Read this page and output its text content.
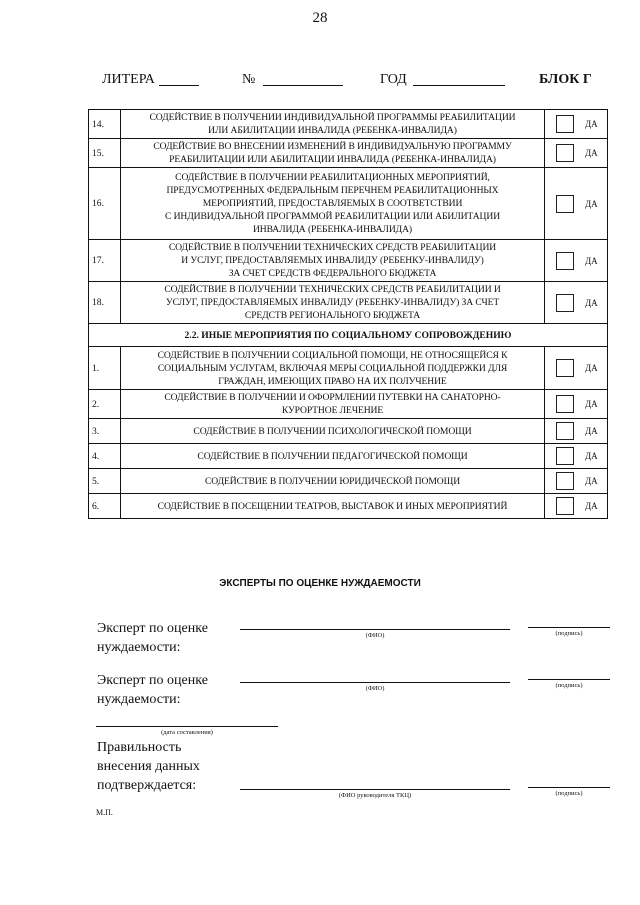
28
ЛИТЕРА	№	ГОД	БЛОК Г
14.	СОДЕЙСТВИЕ В ПОЛУЧЕНИИ ИНДИВИДУАЛЬНОЙ ПРОГРАММЫ РЕАБИЛИТАЦИИ
ИЛИ АБИЛИТАЦИИ ИНВАЛИДА (РЕБЕНКА-ИНВАЛИДА)	ДА

15.	СОДЕЙСТВИЕ ВО ВНЕСЕНИИ ИЗМЕНЕНИЙ В ИНДИВИДУАЛЬНУЮ ПРОГРАММУ
РЕАБИЛИТАЦИИ ИЛИ АБИЛИТАЦИИ ИНВАЛИДА (РЕБЕНКА-ИНВАЛИДА)	ДА

16.	СОДЕЙСТВИЕ В ПОЛУЧЕНИИ РЕАБИЛИТАЦИОННЫХ МЕРОПРИЯТИЙ,
ПРЕДУСМОТРЕННЫХ ФЕДЕРАЛЬНЫМ ПЕРЕЧНЕМ РЕАБИЛИТАЦИОННЫХ
МЕРОПРИЯТИЙ, ПРЕДОСТАВЛЯЕМЫХ В СООТВЕТСТВИИ
С ИНДИВИДУАЛЬНОЙ ПРОГРАММОЙ РЕАБИЛИТАЦИИ ИЛИ АБИЛИТАЦИИ
ИНВАЛИДА (РЕБЕНКА-ИНВАЛИДА)	ДА

17.	СОДЕЙСТВИЕ В ПОЛУЧЕНИИ ТЕХНИЧЕСКИХ СРЕДСТВ РЕАБИЛИТАЦИИ
И УСЛУГ, ПРЕДОСТАВЛЯЕМЫХ ИНВАЛИДУ (РЕБЕНКУ-ИНВАЛИДУ)
ЗА СЧЕТ СРЕДСТВ ФЕДЕРАЛЬНОГО БЮДЖЕТА	ДА

18.	СОДЕЙСТВИЕ В ПОЛУЧЕНИИ ТЕХНИЧЕСКИХ СРЕДСТВ РЕАБИЛИТАЦИИ И
УСЛУГ, ПРЕДОСТАВЛЯЕМЫХ ИНВАЛИДУ (РЕБЕНКУ-ИНВАЛИДУ) ЗА СЧЕТ
СРЕДСТВ РЕГИОНАЛЬНОГО БЮДЖЕТА	ДА

2.2. ИНЫЕ МЕРОПРИЯТИЯ ПО СОЦИАЛЬНОМУ СОПРОВОЖДЕНИЮ		
1.	СОДЕЙСТВИЕ В ПОЛУЧЕНИИ СОЦИАЛЬНОЙ ПОМОЩИ, НЕ ОТНОСЯЩЕЙСЯ К
СОЦИАЛЬНЫМ УСЛУГАМ, ВКЛЮЧАЯ МЕРЫ СОЦИАЛЬНОЙ ПОДДЕРЖКИ ДЛЯ
ГРАЖДАН, ИМЕЮЩИХ ПРАВО НА ИХ ПОЛУЧЕНИЕ	ДА

2.	СОДЕЙСТВИЕ В ПОЛУЧЕНИИ И ОФОРМЛЕНИИ ПУТЕВКИ НА САНАТОРНО-
КУРОРТНОЕ ЛЕЧЕНИЕ	ДА

3.	СОДЕЙСТВИЕ В ПОЛУЧЕНИИ ПСИХОЛОГИЧЕСКОЙ ПОМОЩИ	ДА

4.	СОДЕЙСТВИЕ В ПОЛУЧЕНИИ ПЕДАГОГИЧЕСКОЙ ПОМОЩИ	ДА

5.	СОДЕЙСТВИЕ В ПОЛУЧЕНИИ ЮРИДИЧЕСКОЙ ПОМОЩИ	ДА

6.	СОДЕЙСТВИЕ В ПОСЕЩЕНИИ ТЕАТРОВ, ВЫСТАВОК И ИНЫХ МЕРОПРИЯТИЙ	ДА
ЭКСПЕРТЫ ПО ОЦЕНКЕ НУЖДАЕМОСТИ
Эксперт по оценке
нуждаемости:
(ФИО)	(подпись)
Эксперт по оценке
нуждаемости:
(ФИО)	(подпись)
(дата составления)
Правильность
внесения данных
подтверждается:
(ФИО руководителя ТКЦ)	(подпись)
М.П.
